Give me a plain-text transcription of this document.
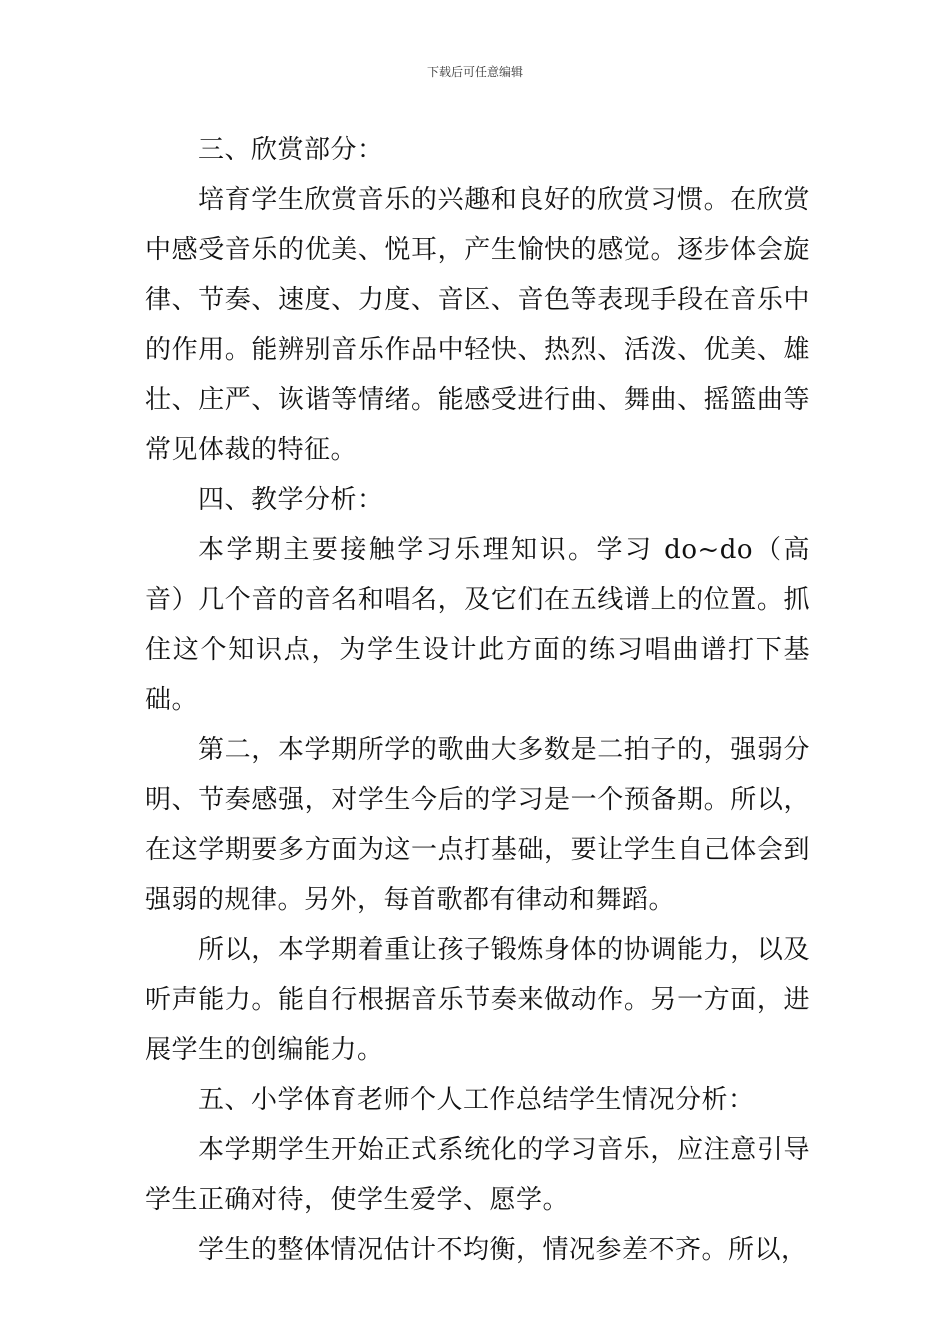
下载后可任意编辑

三、欣赏部分：

培育学生欣赏音乐的兴趣和良好的欣赏习惯。在欣赏中感受音乐的优美、悦耳，产生愉快的感觉。逐步体会旋律、节奏、速度、力度、音区、音色等表现手段在音乐中的作用。能辨别音乐作品中轻快、热烈、活泼、优美、雄壮、庄严、诙谐等情绪。能感受进行曲、舞曲、摇篮曲等常见体裁的特征。

四、教学分析：

本学期主要接触学习乐理知识。学习 do~do（高音）几个音的音名和唱名，及它们在五线谱上的位置。抓住这个知识点，为学生设计此方面的练习唱曲谱打下基础。

第二，本学期所学的歌曲大多数是二拍子的，强弱分明、节奏感强，对学生今后的学习是一个预备期。所以，在这学期要多方面为这一点打基础，要让学生自己体会到强弱的规律。另外，每首歌都有律动和舞蹈。

所以，本学期着重让孩子锻炼身体的协调能力，以及听声能力。能自行根据音乐节奏来做动作。另一方面，进展学生的创编能力。

五、小学体育老师个人工作总结学生情况分析：

本学期学生开始正式系统化的学习音乐，应注意引导学生正确对待，使学生爱学、愿学。

学生的整体情况估计不均衡，情况参差不齐。所以，
